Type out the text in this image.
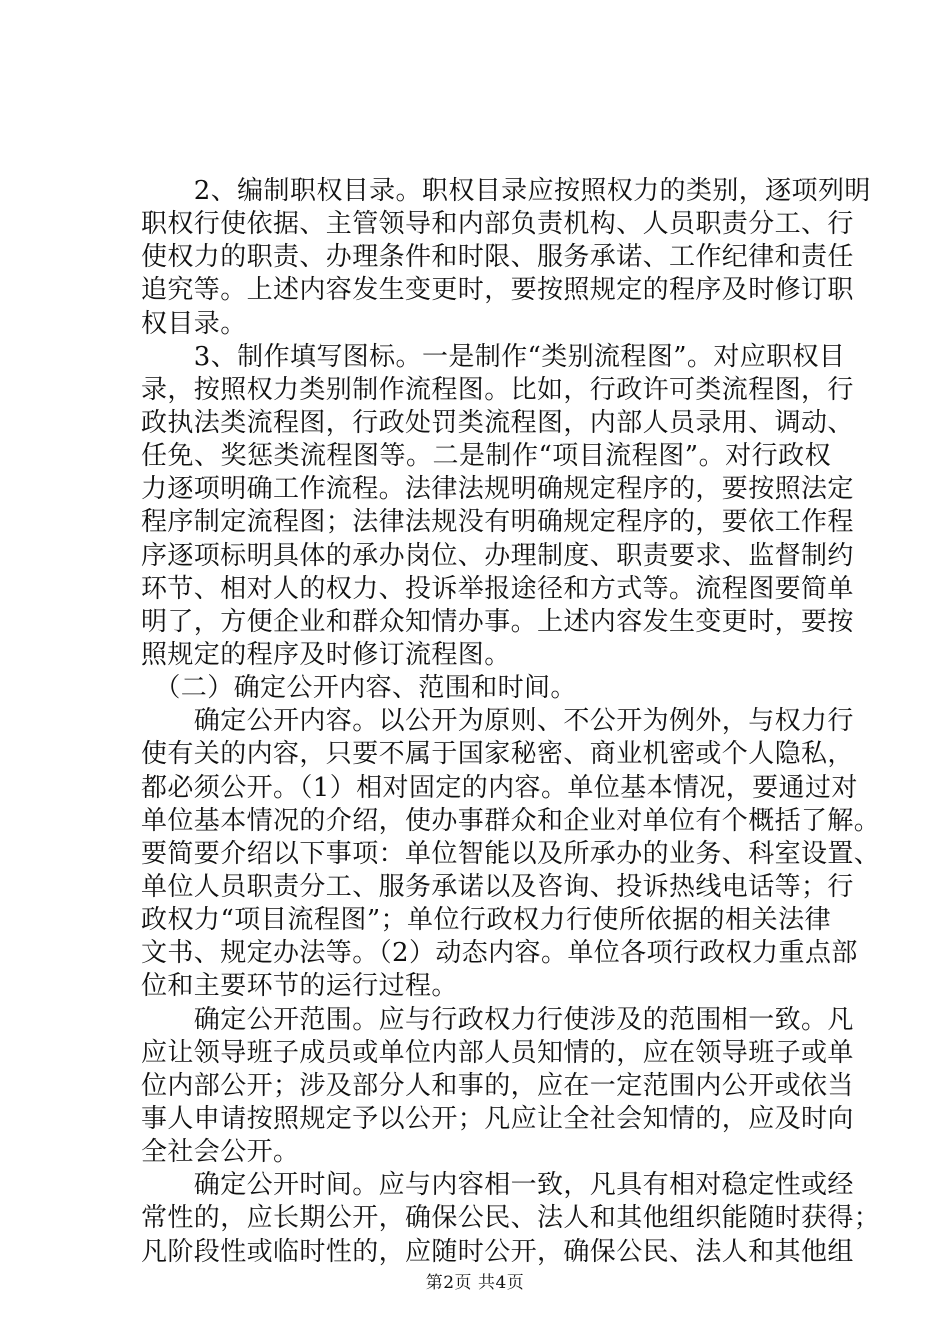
　　2、编制职权目录。职权目录应按照权力的类别，逐项列明
职权行使依据、主管领导和内部负责机构、人员职责分工、行
使权力的职责、办理条件和时限、服务承诺、工作纪律和责任
追究等。上述内容发生变更时，要按照规定的程序及时修订职
权目录。
　　3、制作填写图标。一是制作“类别流程图”。对应职权目
录，按照权力类别制作流程图。比如，行政许可类流程图，行
政执法类流程图，行政处罚类流程图，内部人员录用、调动、
任免、奖惩类流程图等。二是制作“项目流程图”。对行政权
力逐项明确工作流程。法律法规明确规定程序的，要按照法定
程序制定流程图；法律法规没有明确规定程序的，要依工作程
序逐项标明具体的承办岗位、办理制度、职责要求、监督制约
环节、相对人的权力、投诉举报途径和方式等。流程图要简单
明了，方便企业和群众知情办事。上述内容发生变更时，要按
照规定的程序及时修订流程图。
　（二）确定公开内容、范围和时间。
　　确定公开内容。以公开为原则、不公开为例外，与权力行
使有关的内容，只要不属于国家秘密、商业机密或个人隐私，
都必须公开。（1）相对固定的内容。单位基本情况，要通过对
单位基本情况的介绍，使办事群众和企业对单位有个概括了解。
要简要介绍以下事项：单位智能以及所承办的业务、科室设置、
单位人员职责分工、服务承诺以及咨询、投诉热线电话等；行
政权力“项目流程图”；单位行政权力行使所依据的相关法律
文书、规定办法等。（2）动态内容。单位各项行政权力重点部
位和主要环节的运行过程。
　　确定公开范围。应与行政权力行使涉及的范围相一致。凡
应让领导班子成员或单位内部人员知情的，应在领导班子或单
位内部公开；涉及部分人和事的，应在一定范围内公开或依当
事人申请按照规定予以公开；凡应让全社会知情的，应及时向
全社会公开。
　　确定公开时间。应与内容相一致，凡具有相对稳定性或经
常性的，应长期公开，确保公民、法人和其他组织能随时获得；
凡阶段性或临时性的，应随时公开，确保公民、法人和其他组
第2页 共4页
